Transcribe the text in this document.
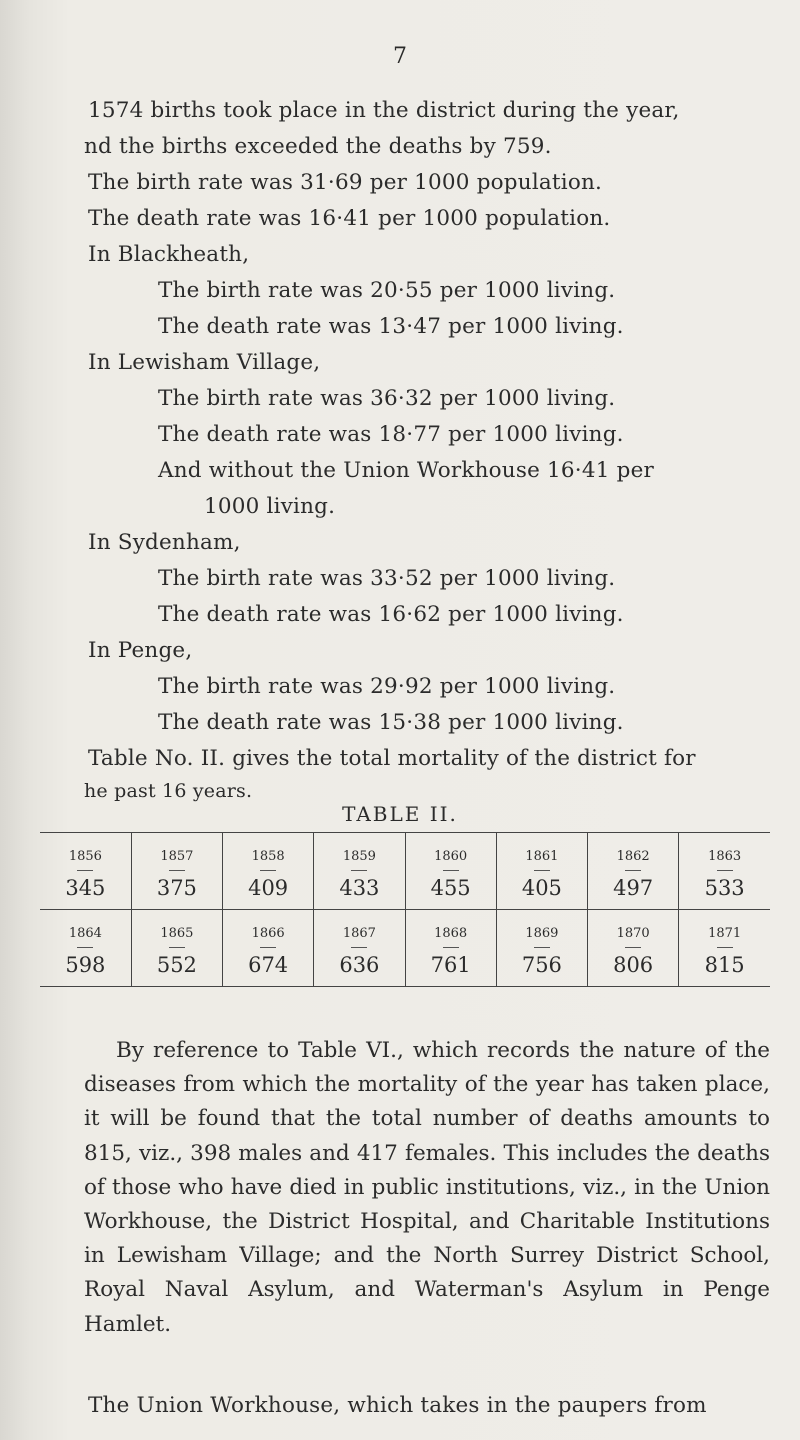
7
1574 births took place in the district during the year,
nd the births exceeded the deaths by 759.
The birth rate was 31·69 per 1000 population.
The death rate was 16·41 per 1000 population.
In Blackheath,
The birth rate was 20·55 per 1000 living.
The death rate was 13·47 per 1000 living.
In Lewisham Village,
The birth rate was 36·32 per 1000 living.
The death rate was 18·77 per 1000 living.
And without the Union Workhouse 16·41 per
1000 living.
In Sydenham,
The birth rate was 33·52 per 1000 living.
The death rate was 16·62 per 1000 living.
In Penge,
The birth rate was 29·92 per 1000 living.
The death rate was 15·38 per 1000 living.
Table No. II. gives the total mortality of the district for
he past 16 years.
TABLE II.
1856	1857	1858	1859	1860	1861	1862	1863

345	375	409	433	455	405	497	533
1864	1865	1866	1867	1868	1869	1870	1871

598	552	674	636	761	756	806	815
By reference to Table VI., which records the nature of the diseases from which the mortality of the year has taken place, it will be found that the total number of deaths amounts to 815, viz., 398 males and 417 females. This includes the deaths of those who have died in public institutions, viz., in the Union Workhouse, the District Hospital, and Charitable Institutions in Lewisham Village; and the North Surrey District School, Royal Naval Asylum, and Waterman's Asylum in Penge Hamlet.
The Union Workhouse, which takes in the paupers from
